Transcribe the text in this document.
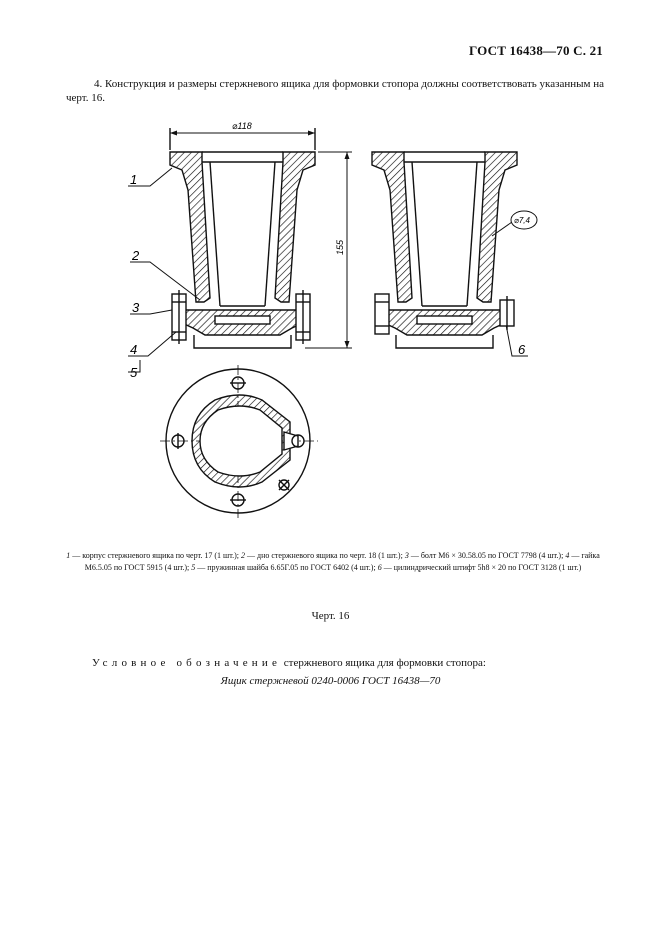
ГОСТ 16438—70 С. 21
4. Конструкция и размеры стержневого ящика для формовки стопора должны соответствовать указанным на черт. 16.
⌀118
155
1
2
3
4
5
6
⌀7,4
1 — корпус стержневого ящика по черт. 17 (1 шт.); 2 — дно стержневого ящика по черт. 18 (1 шт.); 3 — болт М6 × 30.58.05 по ГОСТ 7798 (4 шт.); 4 — гайка М6.5.05 по ГОСТ 5915 (4 шт.); 5 — пружинная шайба 6.65Г.05 по ГОСТ 6402 (4 шт.); 6 — цилиндрический штифт 5h8 × 20 по ГОСТ 3128 (1 шт.)
Черт. 16
Условное обозначение стержневого ящика для формовки стопора:
Ящик стержневой 0240-0006 ГОСТ 16438—70
